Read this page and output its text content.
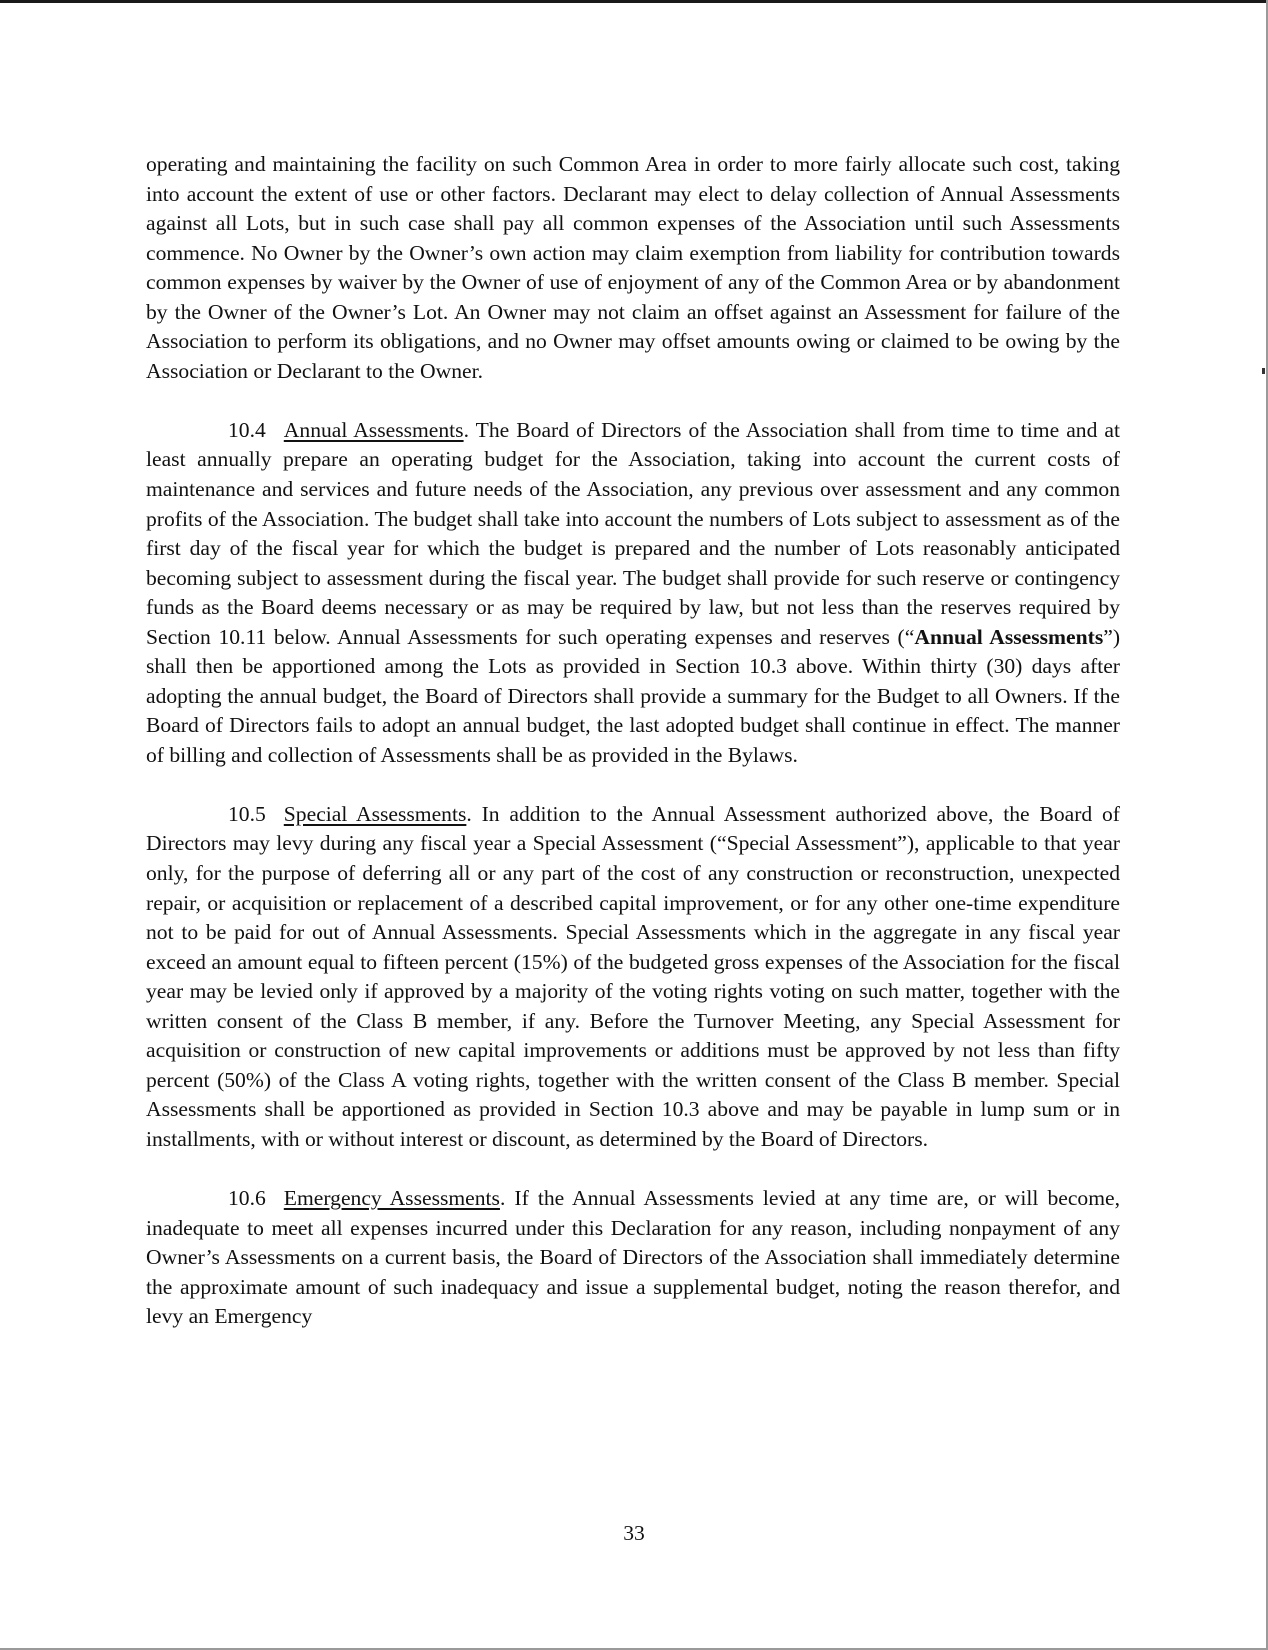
operating and maintaining the facility on such Common Area in order to more fairly allocate such cost, taking into account the extent of use or other factors. Declarant may elect to delay collection of Annual Assessments against all Lots, but in such case shall pay all common expenses of the Association until such Assessments commence. No Owner by the Owner’s own action may claim exemption from liability for contribution towards common expenses by waiver by the Owner of use of enjoyment of any of the Common Area or by abandonment by the Owner of the Owner’s Lot. An Owner may not claim an offset against an Assessment for failure of the Association to perform its obligations, and no Owner may offset amounts owing or claimed to be owing by the Association or Declarant to the Owner.

10.4 Annual Assessments. The Board of Directors of the Association shall from time to time and at least annually prepare an operating budget for the Association, taking into account the current costs of maintenance and services and future needs of the Association, any previous over assessment and any common profits of the Association. The budget shall take into account the numbers of Lots subject to assessment as of the first day of the fiscal year for which the budget is prepared and the number of Lots reasonably anticipated becoming subject to assessment during the fiscal year. The budget shall provide for such reserve or contingency funds as the Board deems necessary or as may be required by law, but not less than the reserves required by Section 10.11 below. Annual Assessments for such operating expenses and reserves (“Annual Assessments”) shall then be apportioned among the Lots as provided in Section 10.3 above. Within thirty (30) days after adopting the annual budget, the Board of Directors shall provide a summary for the Budget to all Owners. If the Board of Directors fails to adopt an annual budget, the last adopted budget shall continue in effect. The manner of billing and collection of Assessments shall be as provided in the Bylaws.

10.5 Special Assessments. In addition to the Annual Assessment authorized above, the Board of Directors may levy during any fiscal year a Special Assessment (“Special Assessment”), applicable to that year only, for the purpose of deferring all or any part of the cost of any construction or reconstruction, unexpected repair, or acquisition or replacement of a described capital improvement, or for any other one-time expenditure not to be paid for out of Annual Assessments. Special Assessments which in the aggregate in any fiscal year exceed an amount equal to fifteen percent (15%) of the budgeted gross expenses of the Association for the fiscal year may be levied only if approved by a majority of the voting rights voting on such matter, together with the written consent of the Class B member, if any. Before the Turnover Meeting, any Special Assessment for acquisition or construction of new capital improvements or additions must be approved by not less than fifty percent (50%) of the Class A voting rights, together with the written consent of the Class B member. Special Assessments shall be apportioned as provided in Section 10.3 above and may be payable in lump sum or in installments, with or without interest or discount, as determined by the Board of Directors.

10.6 Emergency Assessments. If the Annual Assessments levied at any time are, or will become, inadequate to meet all expenses incurred under this Declaration for any reason, including nonpayment of any Owner’s Assessments on a current basis, the Board of Directors of the Association shall immediately determine the approximate amount of such inadequacy and issue a supplemental budget, noting the reason therefor, and levy an Emergency

33
